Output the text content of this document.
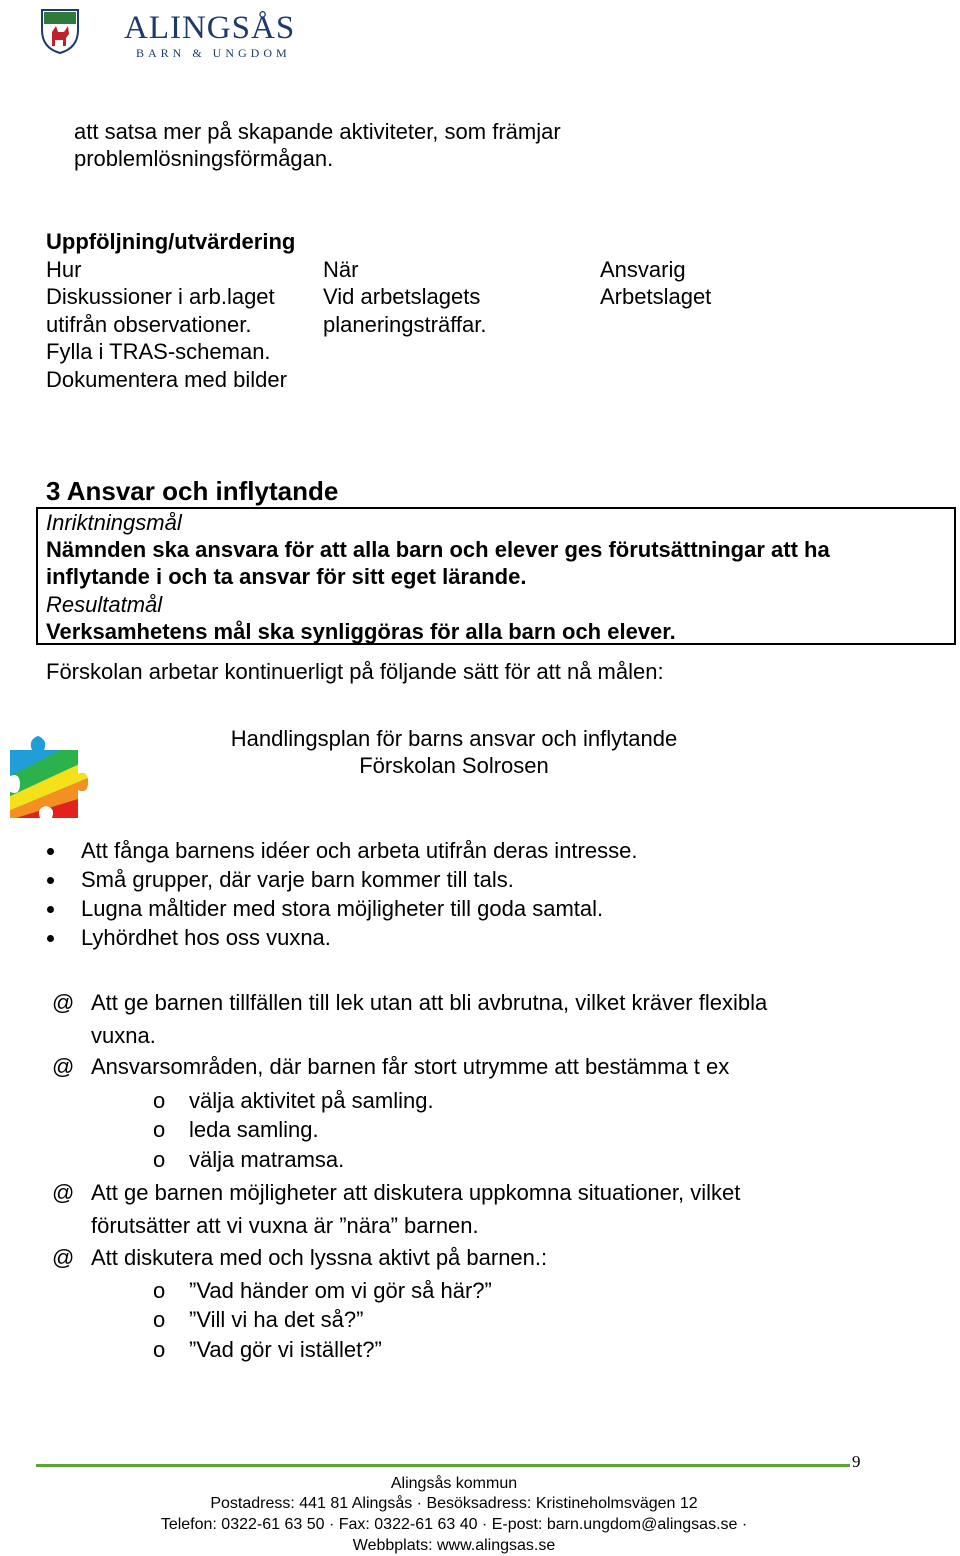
ALINGSÅS
BARN & UNGDOM
att satsa mer på skapande aktiviteter, som främjar
problemlösningsförmågan.
Uppföljning/utvärdering
Hur	När	Ansvarig
Diskussioner i arb.laget
utifrån observationer.
Fylla i TRAS-scheman.
Dokumentera med bilder
Vid arbetslagets
planeringsträffar.
Arbetslaget
3 Ansvar och inflytande
Inriktningsmål
Nämnden ska ansvara för att alla barn och elever ges förutsättningar att ha
inflytande i och ta ansvar för sitt eget lärande.
Resultatmål
Verksamhetens mål ska synliggöras för alla barn och elever.
Förskolan arbetar kontinuerligt på följande sätt för att nå målen:
Handlingsplan för barns ansvar och inflytande
Förskolan Solrosen
Att fånga barnens idéer och arbeta utifrån deras intresse.
Små grupper, där varje barn kommer till tals.
Lugna måltider med stora möjligheter till goda samtal.
Lyhördhet hos oss vuxna.
@ Att ge barnen tillfällen till lek utan att bli avbrutna, vilket kräver flexibla
vuxna.
@ Ansvarsområden, där barnen får stort utrymme att bestämma t ex
o välja aktivitet på samling.
o leda samling.
o välja matramsa.
@ Att ge barnen möjligheter att diskutera uppkomna situationer, vilket
förutsätter att vi vuxna är ”nära” barnen.
@ Att diskutera med och lyssna aktivt på barnen.:
o ”Vad händer om vi gör så här?”
o ”Vill vi ha det så?”
o ”Vad gör vi istället?”
9
Alingsås kommun
Postadress: 441 81 Alingsås · Besöksadress: Kristineholmsvägen 12
Telefon: 0322-61 63 50 · Fax: 0322-61 63 40 · E-post: barn.ungdom@alingsas.se ·
Webbplats: www.alingsas.se
